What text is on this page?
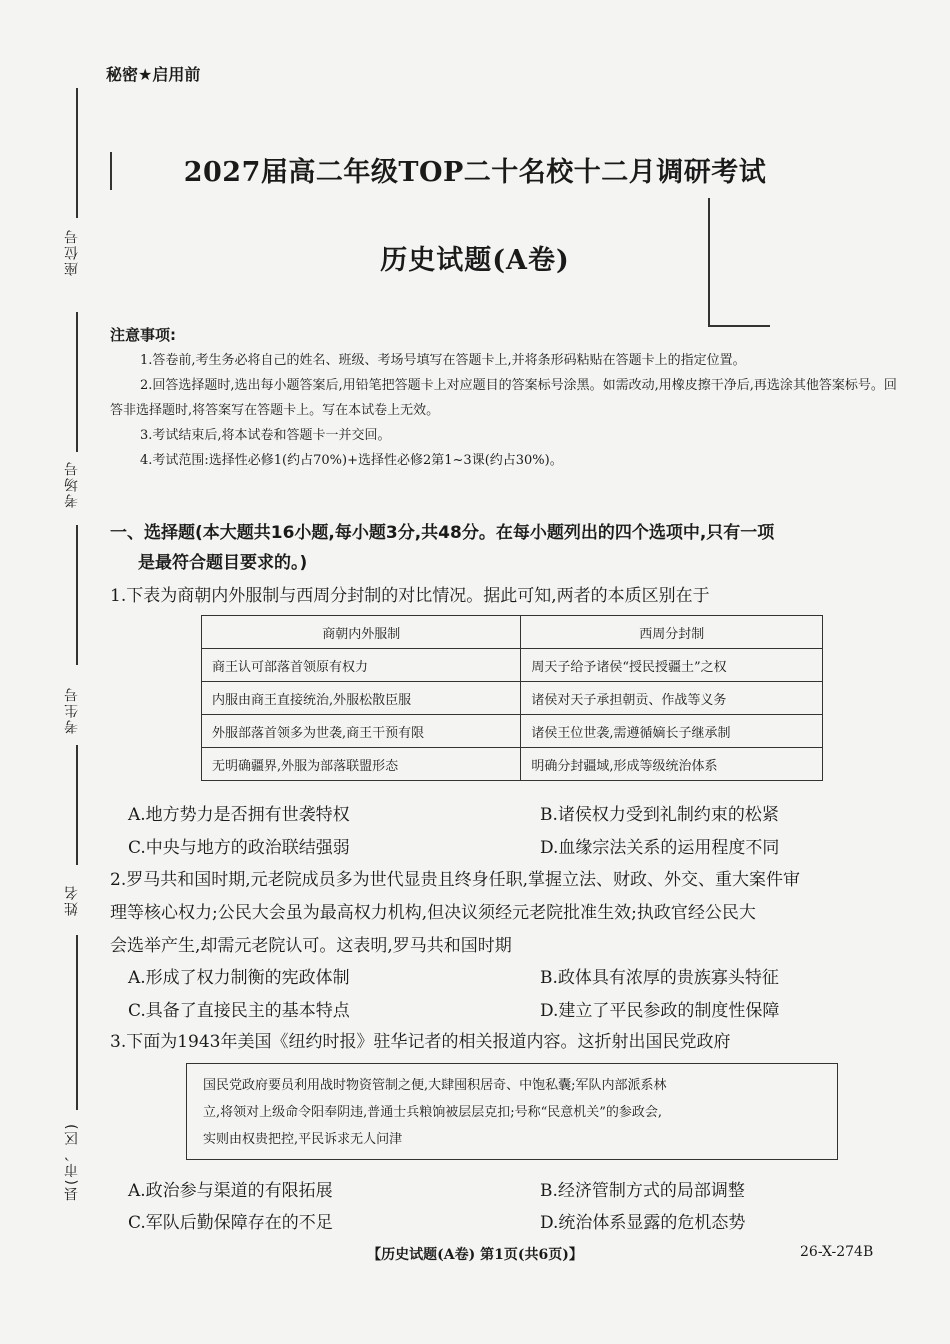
秘密★启用前
2027届高二年级TOP二十名校十二月调研考试
历史试题(A卷)
座位号
考场号
考生号
姓名
县(市、区)
注意事项:
1.答卷前,考生务必将自己的姓名、班级、考场号填写在答题卡上,并将条形码粘贴在答题卡上的指定位置。
2.回答选择题时,选出每小题答案后,用铅笔把答题卡上对应题目的答案标号涂黑。如需改动,用橡皮擦干净后,再选涂其他答案标号。回答非选择题时,将答案写在答题卡上。写在本试卷上无效。
3.考试结束后,将本试卷和答题卡一并交回。
4.考试范围:选择性必修1(约占70%)+选择性必修2第1~3课(约占30%)。
一、选择题(本大题共16小题,每小题3分,共48分。在每小题列出的四个选项中,只有一项
是最符合题目要求的。)
1.下表为商朝内外服制与西周分封制的对比情况。据此可知,两者的本质区别在于
商朝内外服制	西周分封制
商王认可部落首领原有权力	周天子给予诸侯“授民授疆土”之权
内服由商王直接统治,外服松散臣服	诸侯对天子承担朝贡、作战等义务
外服部落首领多为世袭,商王干预有限	诸侯王位世袭,需遵循嫡长子继承制
无明确疆界,外服为部落联盟形态	明确分封疆域,形成等级统治体系
A.地方势力是否拥有世袭特权	B.诸侯权力受到礼制约束的松紧
C.中央与地方的政治联结强弱	D.血缘宗法关系的运用程度不同
2.罗马共和国时期,元老院成员多为世代显贵且终身任职,掌握立法、财政、外交、重大案件审
理等核心权力;公民大会虽为最高权力机构,但决议须经元老院批准生效;执政官经公民大
会选举产生,却需元老院认可。这表明,罗马共和国时期
A.形成了权力制衡的宪政体制	B.政体具有浓厚的贵族寡头特征
C.具备了直接民主的基本特点	D.建立了平民参政的制度性保障
3.下面为1943年美国《纽约时报》驻华记者的相关报道内容。这折射出国民党政府
国民党政府要员利用战时物资管制之便,大肆囤积居奇、中饱私囊;军队内部派系林
立,将领对上级命令阳奉阴违,普通士兵粮饷被层层克扣;号称“民意机关”的参政会,
实则由权贵把控,平民诉求无人问津
A.政治参与渠道的有限拓展	B.经济管制方式的局部调整
C.军队后勤保障存在的不足	D.统治体系显露的危机态势
【历史试题(A卷) 第1页(共6页)】	26-X-274B
